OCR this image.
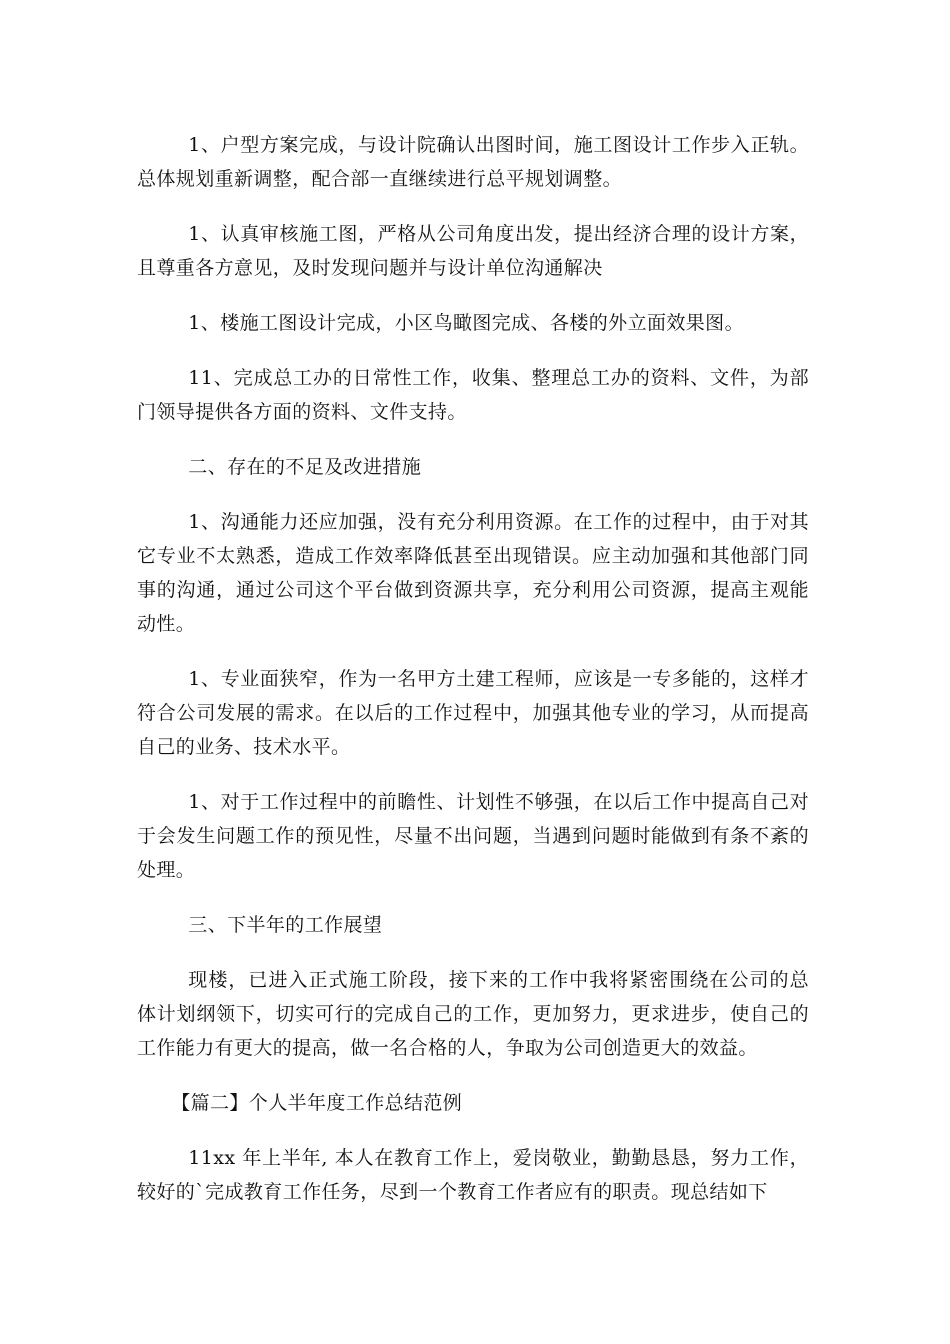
1、户型方案完成，与设计院确认出图时间，施工图设计工作步入正轨。总体规划重新调整，配合部一直继续进行总平规划调整。

1、认真审核施工图，严格从公司角度出发，提出经济合理的设计方案，且尊重各方意见，及时发现问题并与设计单位沟通解决

1、楼施工图设计完成，小区鸟瞰图完成、各楼的外立面效果图。

11、完成总工办的日常性工作，收集、整理总工办的资料、文件，为部门领导提供各方面的资料、文件支持。

二、存在的不足及改进措施

1、沟通能力还应加强，没有充分利用资源。在工作的过程中，由于对其它专业不太熟悉，造成工作效率降低甚至出现错误。应主动加强和其他部门同事的沟通，通过公司这个平台做到资源共享，充分利用公司资源，提高主观能动性。

1、专业面狭窄，作为一名甲方土建工程师，应该是一专多能的，这样才符合公司发展的需求。在以后的工作过程中，加强其他专业的学习，从而提高自己的业务、技术水平。

1、对于工作过程中的前瞻性、计划性不够强，在以后工作中提高自己对于会发生问题工作的预见性，尽量不出问题，当遇到问题时能做到有条不紊的处理。

三、下半年的工作展望

现楼，已进入正式施工阶段，接下来的工作中我将紧密围绕在公司的总体计划纲领下，切实可行的完成自己的工作，更加努力，更求进步，使自己的工作能力有更大的提高，做一名合格的人，争取为公司创造更大的效益。

【篇二】个人半年度工作总结范例

11xx 年上半年, 本人在教育工作上，爱岗敬业，勤勤恳恳，努力工作，较好的`完成教育工作任务，尽到一个教育工作者应有的职责。现总结如下
